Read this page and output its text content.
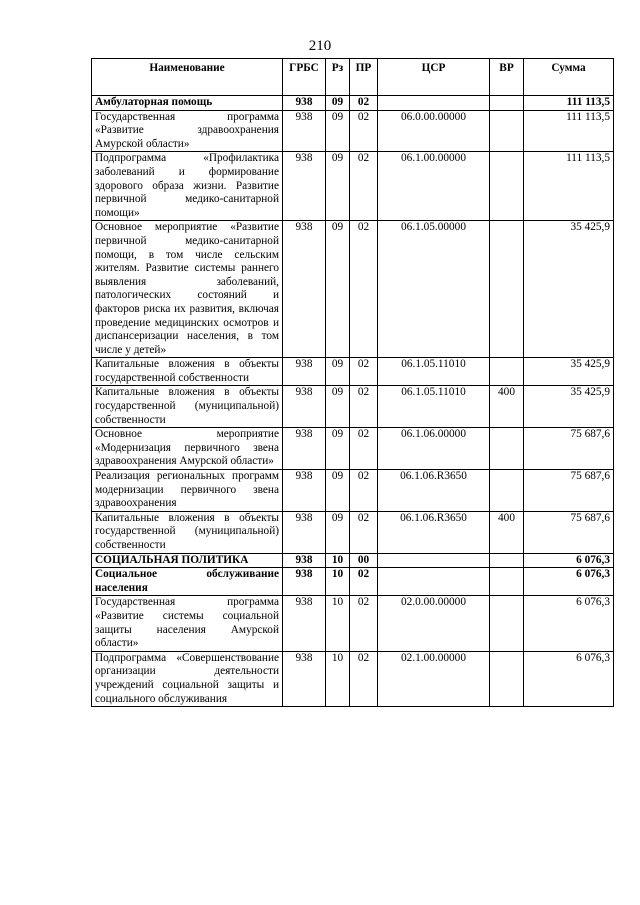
210
Наименование	ГРБС	Рз	ПР	ЦСР	ВР	Сумма
Амбулаторная помощь	938	09	02			111 113,5
Государственная программа «Развитие здравоохранения Амурской области»	938	09	02	06.0.00.00000		111 113,5
Подпрограмма «Профилактика заболеваний и формирование здорового образа жизни. Развитие первичной медико-санитарной помощи»	938	09	02	06.1.00.00000		111 113,5
Основное мероприятие «Развитие первичной медико-санитарной помощи, в том числе сельским жителям. Развитие системы раннего выявления заболеваний, патологических состояний и факторов риска их развития, включая проведение медицинских осмотров и диспансеризации населения, в том числе у детей»	938	09	02	06.1.05.00000		35 425,9
Капитальные вложения в объекты государственной собственности	938	09	02	06.1.05.11010		35 425,9
Капитальные вложения в объекты государственной (муниципальной) собственности	938	09	02	06.1.05.11010	400	35 425,9
Основное мероприятие «Модернизация первичного звена здравоохранения Амурской области»	938	09	02	06.1.06.00000		75 687,6
Реализация региональных программ модернизации первичного звена здравоохранения	938	09	02	06.1.06.R3650		75 687,6
Капитальные вложения в объекты государственной (муниципальной) собственности	938	09	02	06.1.06.R3650	400	75 687,6
СОЦИАЛЬНАЯ ПОЛИТИКА	938	10	00			6 076,3
Социальное обслуживание населения	938	10	02			6 076,3
Государственная программа «Развитие системы социальной защиты населения Амурской области»	938	10	02	02.0.00.00000		6 076,3
Подпрограмма «Совершенствование организации деятельности учреждений социальной защиты и социального обслуживания	938	10	02	02.1.00.00000		6 076,3
